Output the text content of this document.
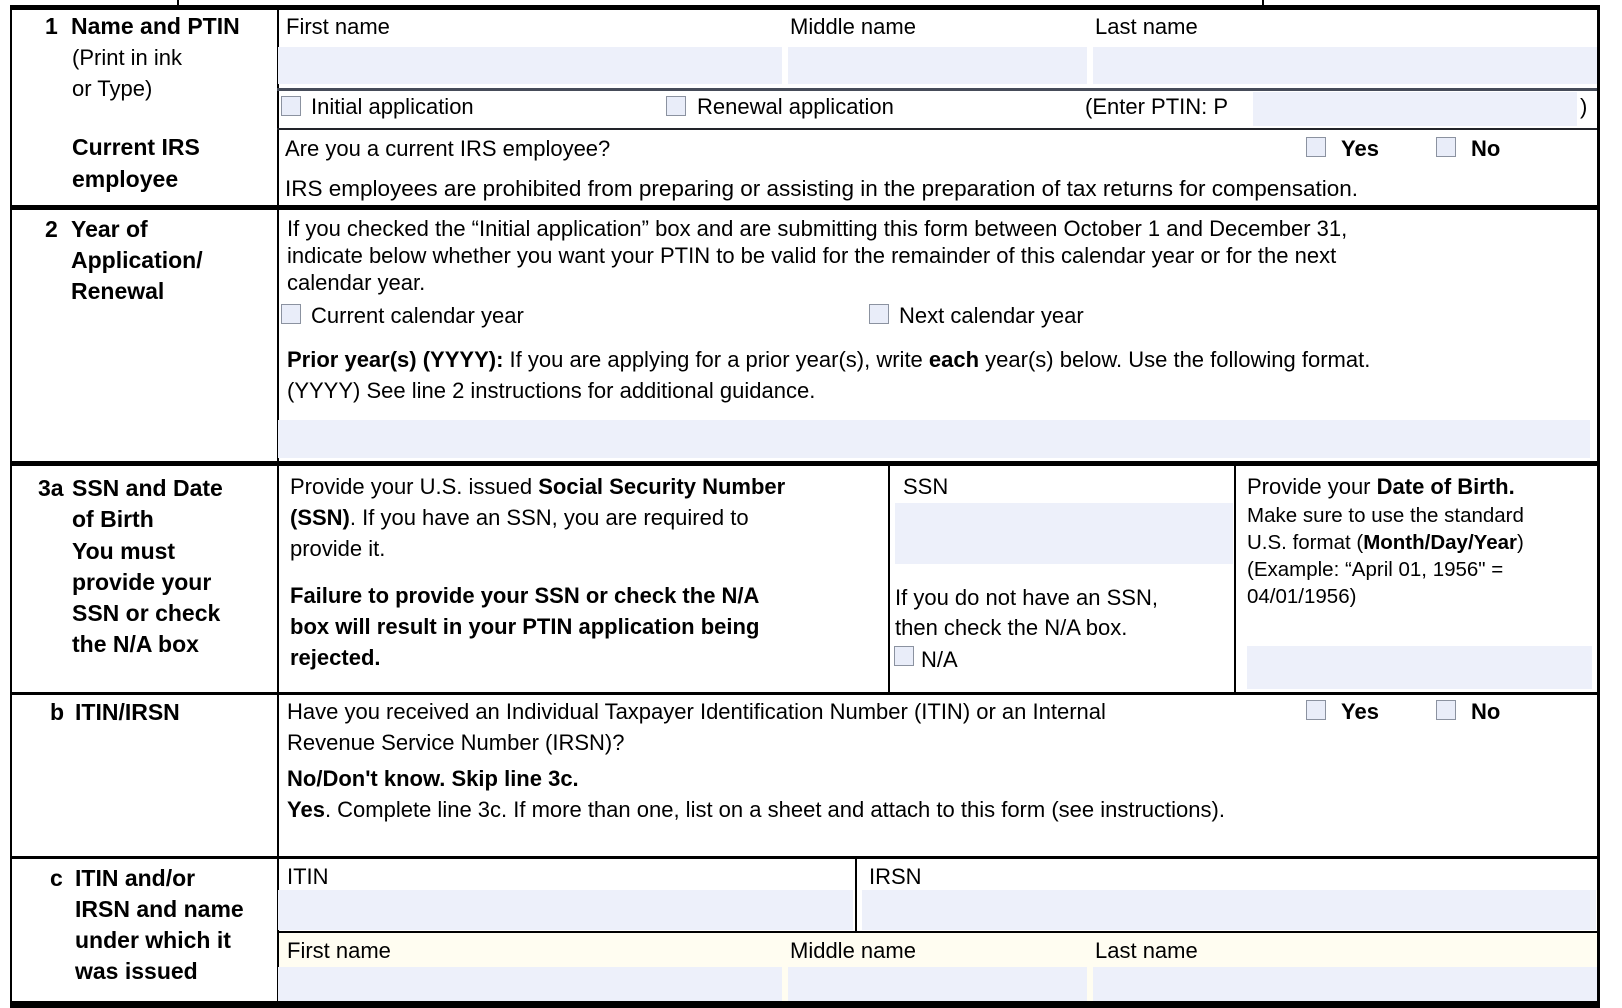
1 Name and PTIN
(Print in ink
or Type)
First name	Middle name	Last name
Initial application	Renewal application	(Enter PTIN: P	)
Current IRS
employee
Are you a current IRS employee?	Yes	No
IRS employees are prohibited from preparing or assisting in the preparation of tax returns for compensation.
2 Year of
Application/
Renewal
If you checked the “Initial application” box and are submitting this form between October 1 and December 31,
indicate below whether you want your PTIN to be valid for the remainder of this calendar year or for the next
calendar year.
Current calendar year	Next calendar year
Prior year(s) (YYYY): If you are applying for a prior year(s), write each year(s) below. Use the following format.
(YYYY) See line 2 instructions for additional guidance.
3a SSN and Date
of Birth
You must
provide your
SSN or check
the N/A box
Provide your U.S. issued Social Security Number
(SSN). If you have an SSN, you are required to
provide it.
Failure to provide your SSN or check the N/A
box will result in your PTIN application being
rejected.
SSN
If you do not have an SSN,
then check the N/A box.
N/A
Provide your Date of Birth.
Make sure to use the standard
U.S. format (Month/Day/Year)
(Example: “April 01, 1956" =
04/01/1956)
b ITIN/IRSN	Have you received an Individual Taxpayer Identification Number (ITIN) or an Internal
Revenue Service Number (IRSN)?
Yes	No
No/Don't know. Skip line 3c.
Yes. Complete line 3c. If more than one, list on a sheet and attach to this form (see instructions).
c ITIN and/or
IRSN and name
under which it
was issued
ITIN	IRSN
First name	Middle name	Last name
